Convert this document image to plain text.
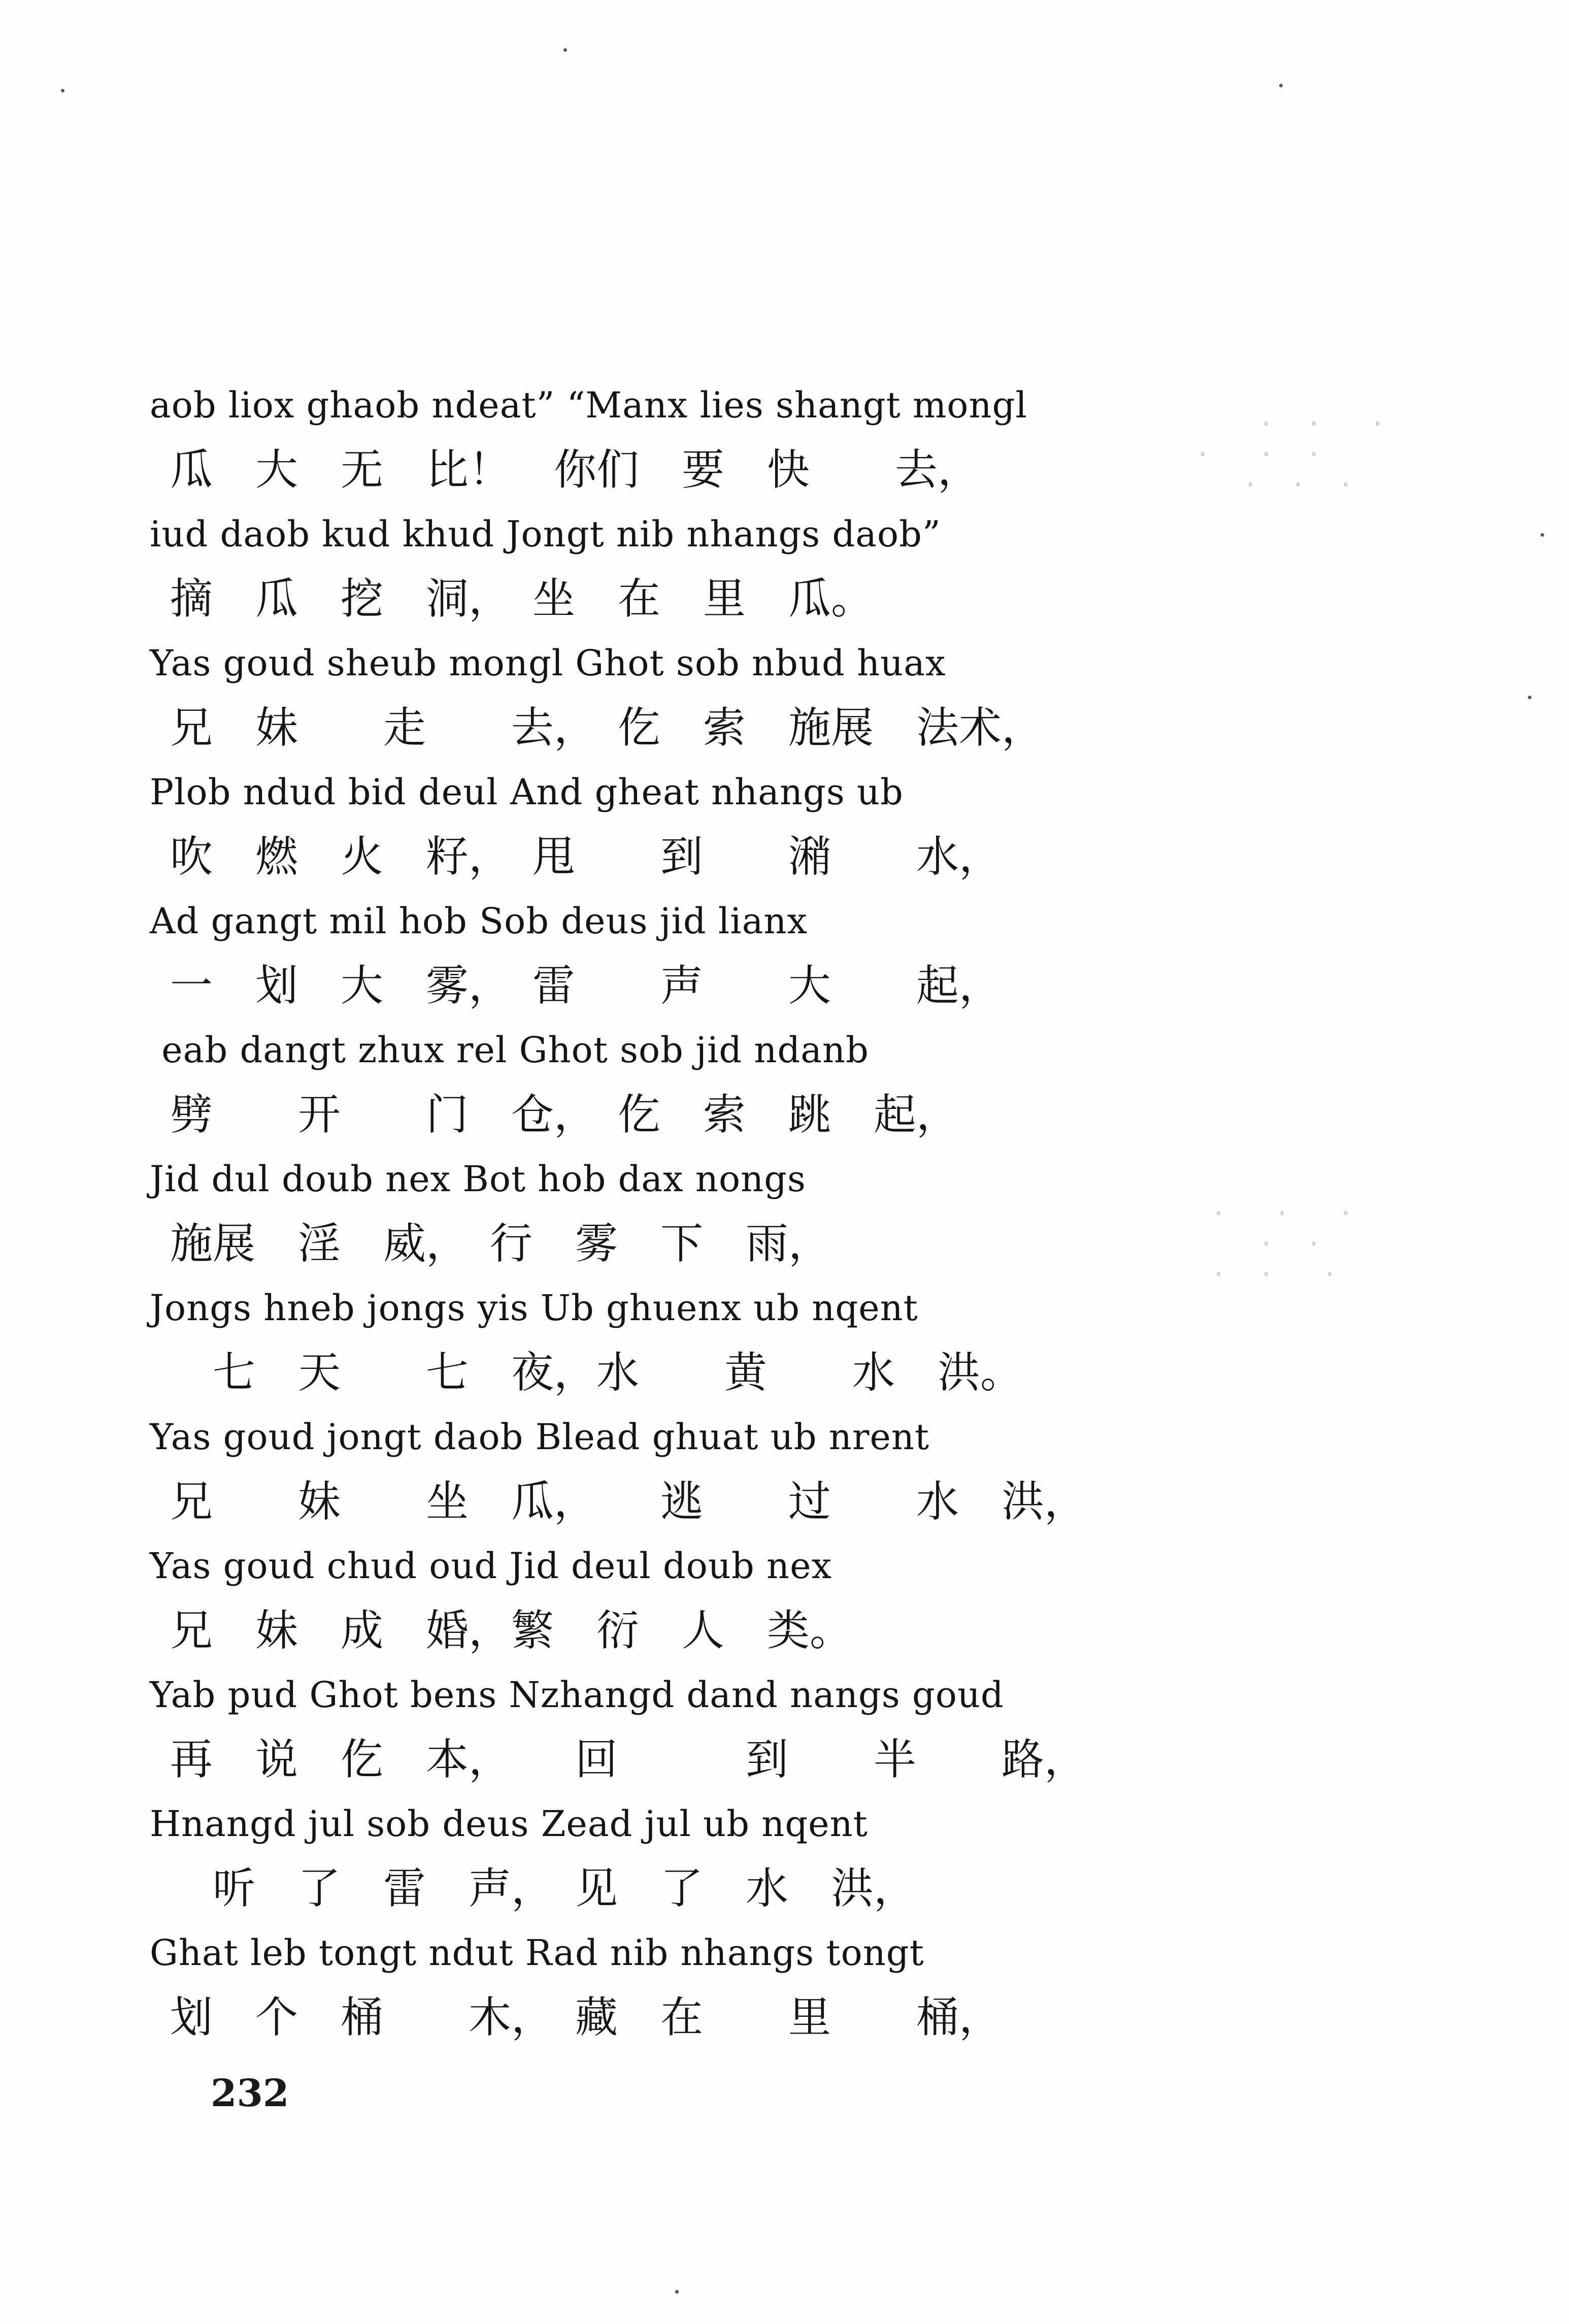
·  ·   ·
·   ·  ·
·  ·  ·

·   ·   ·
·  ·
·  ·   ·

aob liox ghaob ndeat” “Manx lies shangt mongl
瓜　大　无　比！　你们　要　快　　去，
iud daob kud khud Jongt nib nhangs daob”
摘　瓜　挖　洞，　坐　在　里　瓜。
Yas goud sheub mongl Ghot sob nbud huax
兄　妹　　走　　去，　仡　索　施展　法术，
Plob ndud bid deul And gheat nhangs ub
吹　燃　火　籽，　甩　　到　　潲　　水，
Ad gangt mil hob Sob deus jid lianx
一　划　大　雾，　雷　　声　　大　　起，
eab dangt zhux rel Ghot sob jid ndanb
劈　　开　　门　仓，　仡　索　跳　起，
Jid dul doub nex Bot hob dax nongs
施展　淫　威，　行　雾　下　雨，
Jongs hneb jongs yis Ub ghuenx ub nqent
　七　天　　七　夜，水　　黄　　水　洪。
Yas goud jongt daob Blead ghuat ub nrent
兄　　妹　　坐　瓜，　　逃　　过　　水　洪，
Yas goud chud oud Jid deul doub nex
兄　妹　成　婚，繁　衍　人　类。
Yab pud Ghot bens Nzhangd dand nangs goud
再　说　仡　本，　　回　　　到　　半　　路，
Hnangd jul sob deus Zead jul ub nqent
　听　了　雷　声，　见　了　水　洪，
Ghat leb tongt ndut Rad nib nhangs tongt
划　个　桶　　木，　藏　在　　里　　桶，
232
